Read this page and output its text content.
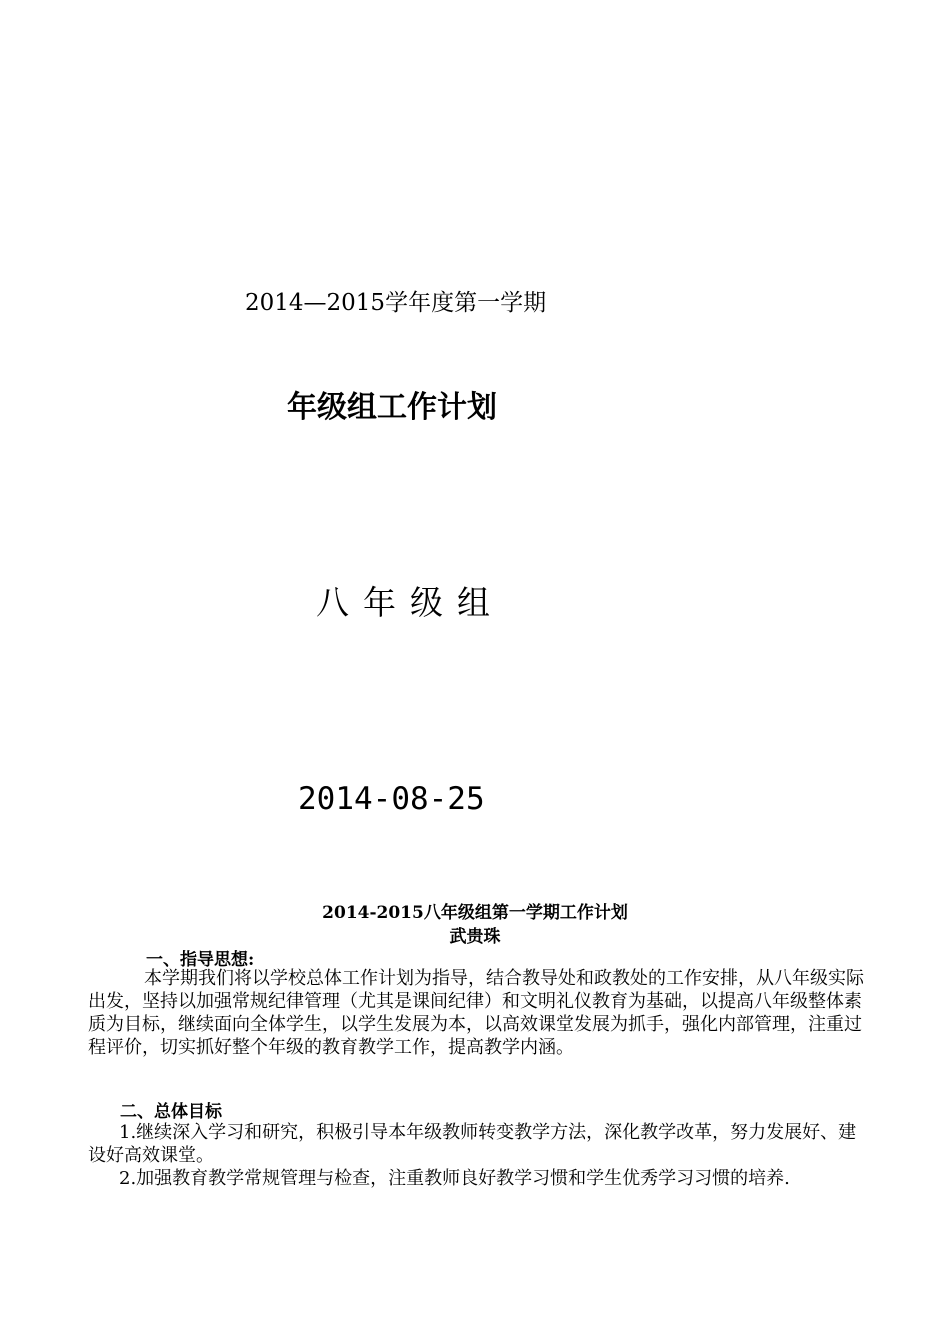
2014—2015学年度第一学期
年级组工作计划
八年级组
2014-08-25
2014-2015八年级组第一学期工作计划
武贵珠
一、指导思想:
本学期我们将以学校总体工作计划为指导，结合教导处和政教处的工作安排，从八年级实际出发，坚持以加强常规纪律管理（尤其是课间纪律）和文明礼仪教育为基础，以提高八年级整体素质为目标，继续面向全体学生，以学生发展为本，以高效课堂发展为抓手，强化内部管理，注重过程评价，切实抓好整个年级的教育教学工作，提高教学内涵。
二、总体目标
1.继续深入学习和研究，积极引导本年级教师转变教学方法，深化教学改革，努力发展好、建设好高效课堂。
2.加强教育教学常规管理与检查，注重教师良好教学习惯和学生优秀学习习惯的培养.
